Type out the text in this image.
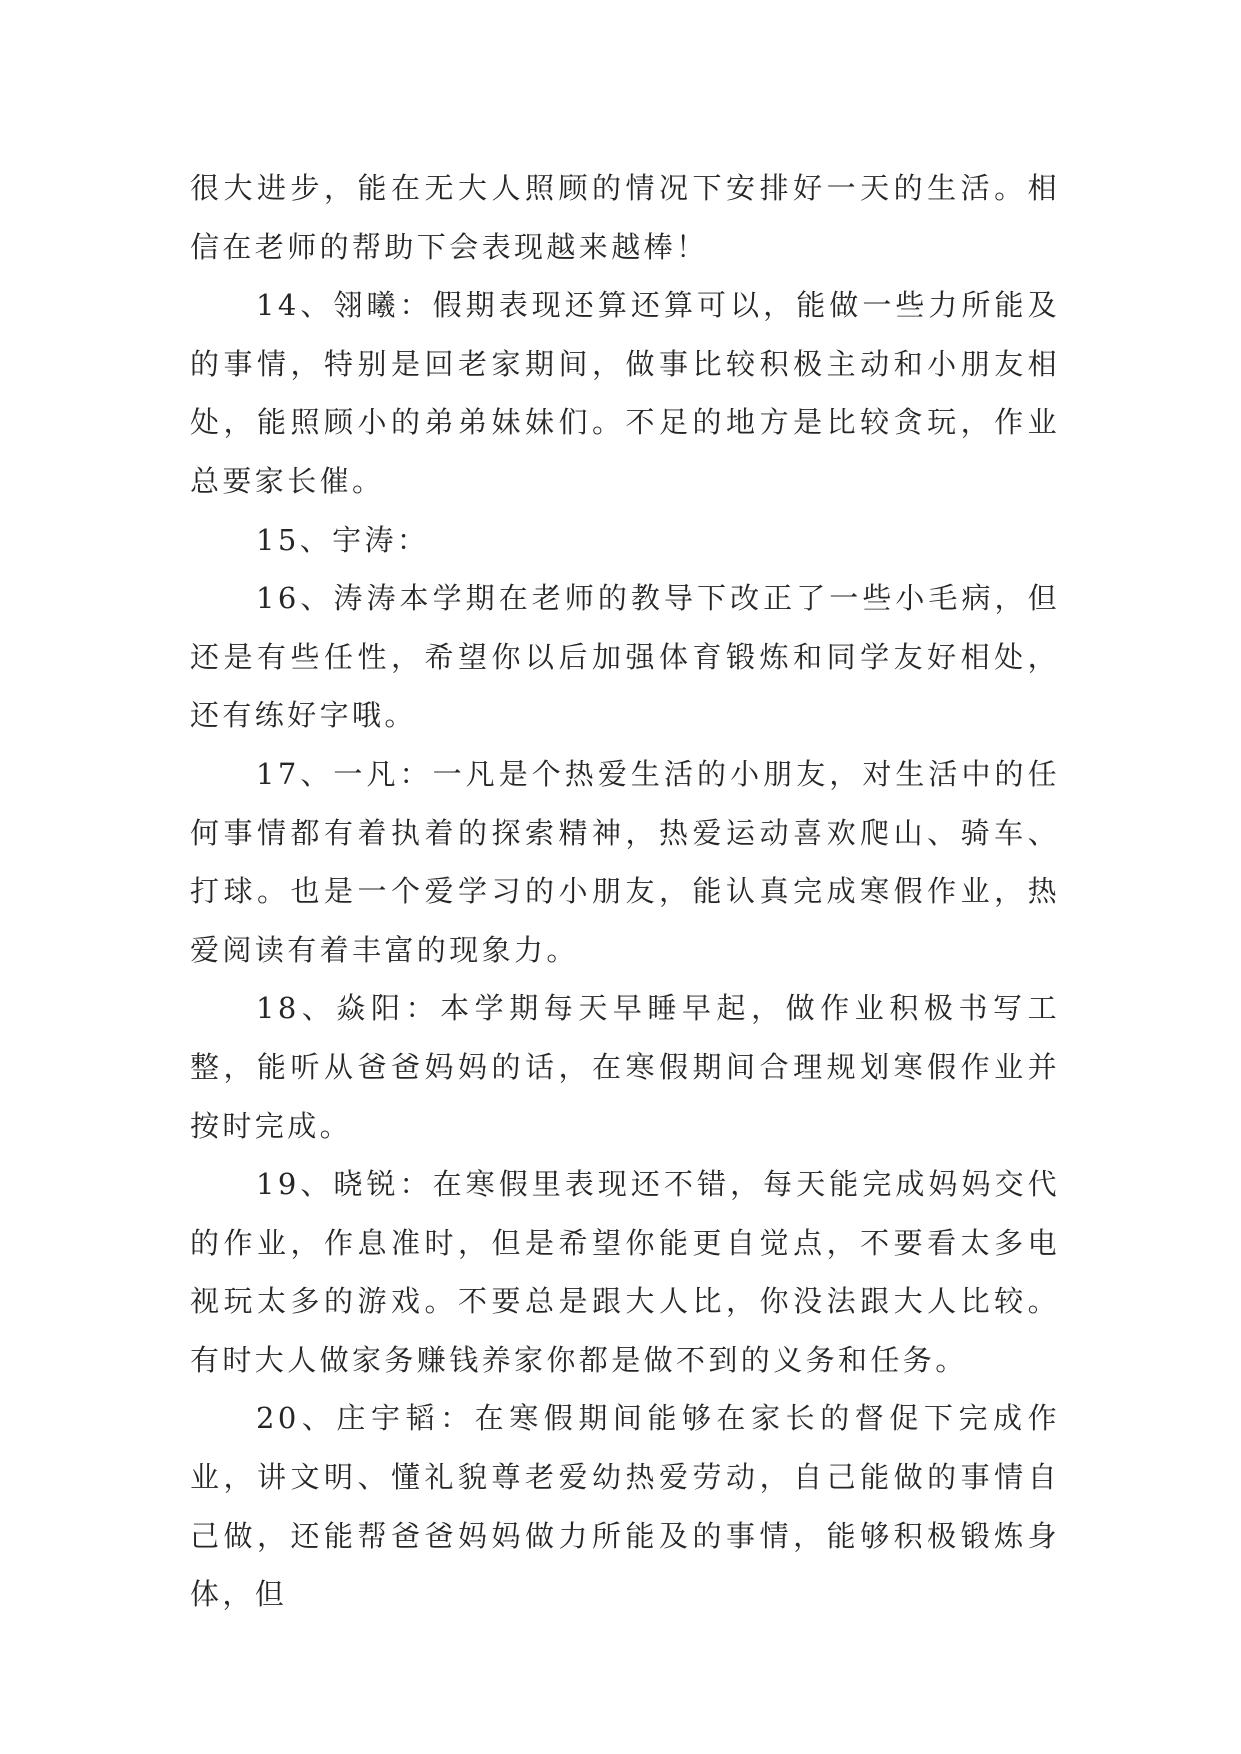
很大进步，能在无大人照顾的情况下安排好一天的生活。相信在老师的帮助下会表现越来越棒！

14、翎曦：假期表现还算还算可以，能做一些力所能及的事情，特别是回老家期间，做事比较积极主动和小朋友相处，能照顾小的弟弟妹妹们。不足的地方是比较贪玩，作业总要家长催。

15、宇涛：

16、涛涛本学期在老师的教导下改正了一些小毛病，但还是有些任性，希望你以后加强体育锻炼和同学友好相处，还有练好字哦。

17、一凡：一凡是个热爱生活的小朋友，对生活中的任何事情都有着执着的探索精神，热爱运动喜欢爬山、骑车、打球。也是一个爱学习的小朋友，能认真完成寒假作业，热爱阅读有着丰富的现象力。

18、焱阳：本学期每天早睡早起，做作业积极书写工整，能听从爸爸妈妈的话，在寒假期间合理规划寒假作业并按时完成。

19、晓锐：在寒假里表现还不错，每天能完成妈妈交代的作业，作息准时，但是希望你能更自觉点，不要看太多电视玩太多的游戏。不要总是跟大人比，你没法跟大人比较。有时大人做家务赚钱养家你都是做不到的义务和任务。

20、庄宇韬：在寒假期间能够在家长的督促下完成作业，讲文明、懂礼貌尊老爱幼热爱劳动，自己能做的事情自己做，还能帮爸爸妈妈做力所能及的事情，能够积极锻炼身体，但
